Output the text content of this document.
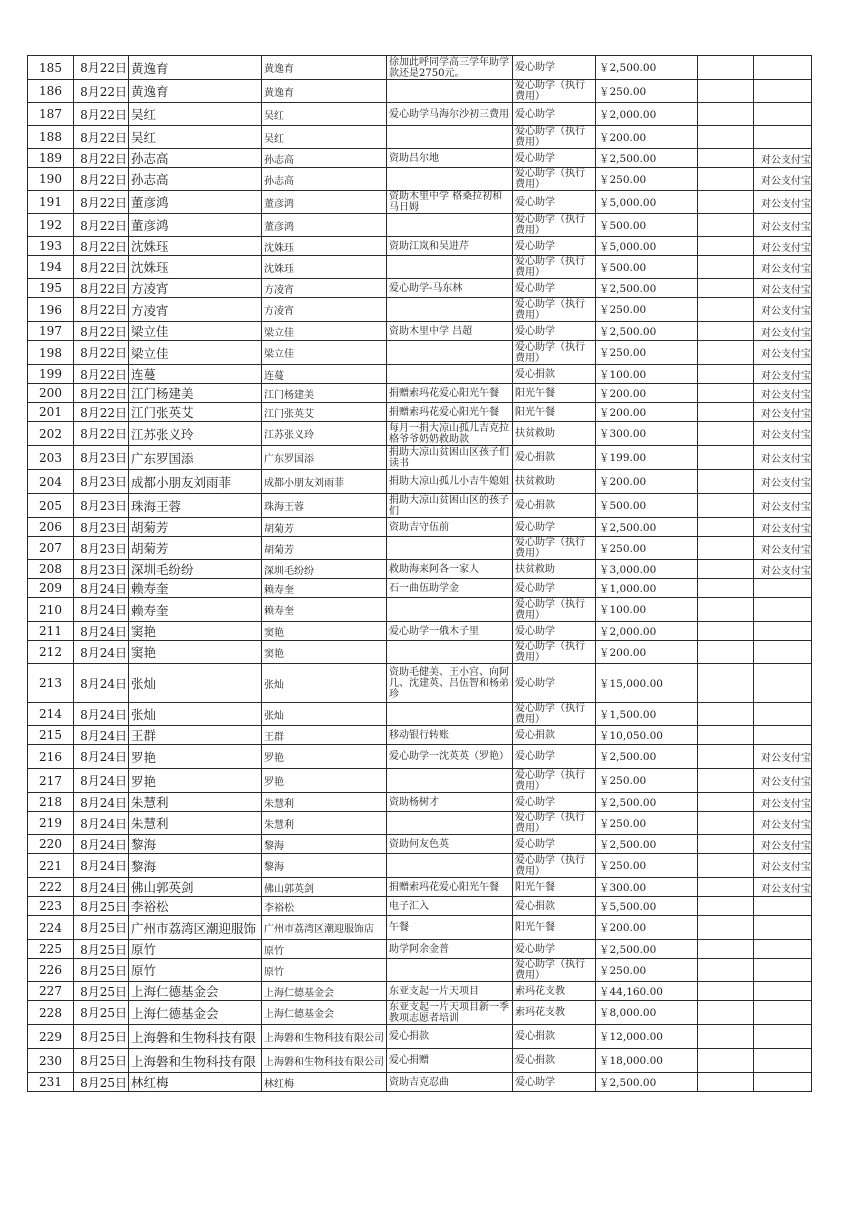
185	8月22日	黄逸育	黄逸育	徐加此呼同学高三学年助学款还是2750元。	爱心助学	￥2,500.00		
186	8月22日	黄逸育	黄逸育		爱心助学（执行费用）	￥250.00		
187	8月22日	吴红	吴红	爱心助学马海尔沙初三费用	爱心助学	￥2,000.00		
188	8月22日	吴红	吴红		爱心助学（执行费用）	￥200.00		
189	8月22日	孙志高	孙志高	资助吕尔地	爱心助学	￥2,500.00		对公支付宝
190	8月22日	孙志高	孙志高		爱心助学（执行费用）	￥250.00		对公支付宝
191	8月22日	董彦鸿	董彦鸿	资助木里中学 格桑拉初和马日姆	爱心助学	￥5,000.00		对公支付宝
192	8月22日	董彦鸿	董彦鸿		爱心助学（执行费用）	￥500.00		对公支付宝
193	8月22日	沈姝珏	沈姝珏	资助江岚和吴进芹	爱心助学	￥5,000.00		对公支付宝
194	8月22日	沈姝珏	沈姝珏		爱心助学（执行费用）	￥500.00		对公支付宝
195	8月22日	方凌宵	方凌宵	爱心助学-马东林	爱心助学	￥2,500.00		对公支付宝
196	8月22日	方凌宵	方凌宵		爱心助学（执行费用）	￥250.00		对公支付宝
197	8月22日	梁立佳	梁立佳	资助木里中学 吕超	爱心助学	￥2,500.00		对公支付宝
198	8月22日	梁立佳	梁立佳		爱心助学（执行费用）	￥250.00		对公支付宝
199	8月22日	连蔓	连蔓		爱心捐款	￥100.00		对公支付宝
200	8月22日	江门杨建美	江门杨建美	捐赠索玛花爱心阳光午餐	阳光午餐	￥200.00		对公支付宝
201	8月22日	江门张英艾	江门张英艾	捐赠索玛花爱心阳光午餐	阳光午餐	￥200.00		对公支付宝
202	8月22日	江苏张义玲	江苏张义玲	每月一捐大凉山孤儿吉克拉格爷爷奶奶救助款	扶贫救助	￥300.00		对公支付宝
203	8月23日	广东罗国添	广东罗国添	捐助大凉山贫困山区孩子们读书	爱心捐款	￥199.00		对公支付宝
204	8月23日	成都小朋友刘雨菲	成都小朋友刘雨菲	捐助大凉山孤儿小吉牛媳姐	扶贫救助	￥200.00		对公支付宝
205	8月23日	珠海王蓉	珠海王蓉	捐助大凉山贫困山区的孩子们	爱心捐款	￥500.00		对公支付宝
206	8月23日	胡菊芳	胡菊芳	资助吉守伍前	爱心助学	￥2,500.00		对公支付宝
207	8月23日	胡菊芳	胡菊芳		爱心助学（执行费用）	￥250.00		对公支付宝
208	8月23日	深圳毛纷纷	深圳毛纷纷	救助海来阿各一家人	扶贫救助	￥3,000.00		对公支付宝
209	8月24日	赖寿奎	赖寿奎	石一曲伍助学金	爱心助学	￥1,000.00		
210	8月24日	赖寿奎	赖寿奎		爱心助学（执行费用）	￥100.00		
211	8月24日	窦艳	窦艳	爱心助学一俄木子里	爱心助学	￥2,000.00		
212	8月24日	窦艳	窦艳		爱心助学（执行费用）	￥200.00		
213	8月24日	张灿	张灿	资助毛健美、王小宫、向阿几、沈建英、吕伍智和杨弟珍	爱心助学	￥15,000.00		
214	8月24日	张灿	张灿		爱心助学（执行费用）	￥1,500.00		
215	8月24日	王群	王群	移动银行转账	爱心捐款	￥10,050.00		
216	8月24日	罗艳	罗艳	爱心助学一沈英英（罗艳）	爱心助学	￥2,500.00		对公支付宝
217	8月24日	罗艳	罗艳		爱心助学（执行费用）	￥250.00		对公支付宝
218	8月24日	朱慧利	朱慧利	资助杨树才	爱心助学	￥2,500.00		对公支付宝
219	8月24日	朱慧利	朱慧利		爱心助学（执行费用）	￥250.00		对公支付宝
220	8月24日	黎海	黎海	资助何友色英	爱心助学	￥2,500.00		对公支付宝
221	8月24日	黎海	黎海		爱心助学（执行费用）	￥250.00		对公支付宝
222	8月24日	佛山郭英剑	佛山郭英剑	捐赠索玛花爱心阳光午餐	阳光午餐	￥300.00		对公支付宝
223	8月25日	李裕松	李裕松	电子汇入	爱心捐款	￥5,500.00		
224	8月25日	广州市荔湾区潮迎服饰	广州市荔湾区潮迎服饰店	午餐	阳光午餐	￥200.00		
225	8月25日	原竹	原竹	助学阿余金普	爱心助学	￥2,500.00		
226	8月25日	原竹	原竹		爱心助学（执行费用）	￥250.00		
227	8月25日	上海仁德基金会	上海仁德基金会	东亚支起一片天项目	索玛花支教	￥44,160.00		
228	8月25日	上海仁德基金会	上海仁德基金会	东亚支起一片天项目新一季教项志愿者培训	索玛花支教	￥8,000.00		
229	8月25日	上海磐和生物科技有限	上海磐和生物科技有限公司	爱心捐款	爱心捐款	￥12,000.00		
230	8月25日	上海磐和生物科技有限	上海磐和生物科技有限公司	爱心捐赠	爱心捐款	￥18,000.00		
231	8月25日	林红梅	林红梅	资助吉克忍曲	爱心助学	￥2,500.00		
